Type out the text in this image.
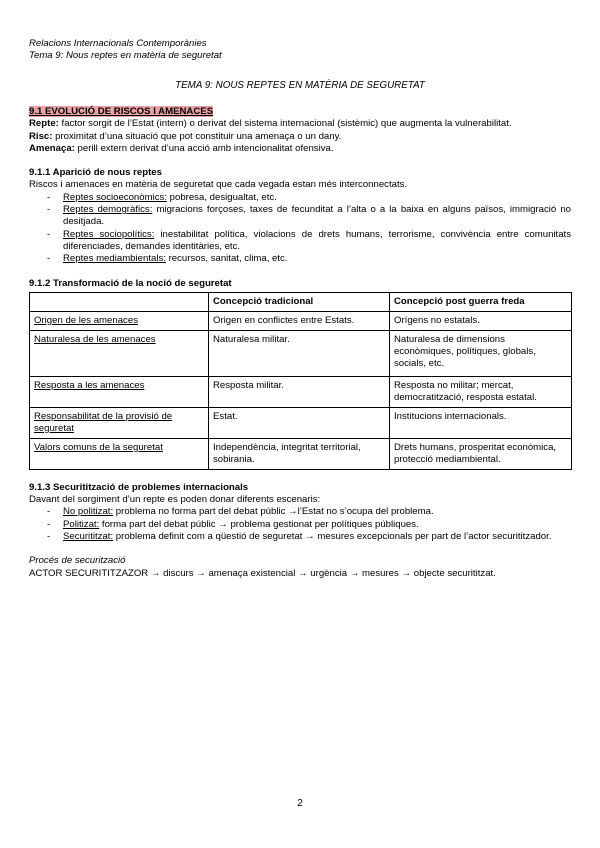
Relacions Internacionals Contemporànies
Tema 9: Nous reptes en matèria de seguretat
TEMA 9: NOUS REPTES EN MATÈRIA DE SEGURETAT

9.1 EVOLUCIÓ DE RISCOS I AMENACES

Repte: factor sorgit de l’Estat (intern) o derivat del sistema internacional (sistèmic) que augmenta la vulnerabilitat.

Risc: proximitat d’una situació que pot constituir una amenaça o un dany.

Amenaça: perill extern derivat d’una acció amb intencionalitat ofensiva.

9.1.1 Aparició de nous reptes

Riscos i amenaces en matèria de seguretat que cada vegada estan més interconnectats.

- Reptes socioeconòmics: pobresa, desigualtat, etc.
- Reptes demogràfics: migracions forçoses, taxes de fecunditat a l’alta o a la baixa en alguns països, immigració no desitjada.
- Reptes sociopolítics: inestabilitat política, violacions de drets humans, terrorisme, convivència entre comunitats diferenciades, demandes identitàries, etc.
- Reptes mediambientals: recursos, sanitat, clima, etc.

9.1.2 Transformació de la noció de seguretat

	Concepció tradicional	Concepció post guerra freda
Origen de les amenaces	Origen en conflictes entre Estats.	Orígens no estatals.
Naturalesa de les amenaces	Naturalesa militar.	Naturalesa de dimensions econòmiques, polítiques, globals, socials, etc.
Resposta a les amenaces	Resposta militar.	Resposta no militar; mercat, democratització, resposta estatal.
Responsabilitat de la provisió de seguretat	Estat.	Institucions internacionals.
Valors comuns de la seguretat	Independència, integritat territorial, sobirania.	Drets humans, prosperitat econòmica, protecció mediambiental.

9.1.3 Securitització de problemes internacionals

Davant del sorgiment d’un repte es poden donar diferents escenaris:

- No politizat: problema no forma part del debat públic →l’Estat no s’ocupa del problema.
- Politizat: forma part del debat públic → problema gestionat per polítiques públiques.
- Securititzat: problema definit com a qüestió de seguretat → mesures excepcionals per part de l’actor securititzador.

Procés de securització

ACTOR SECURITITZAZOR → discurs → amenaça existencial → urgència → mesures → objecte securititzat.

2
